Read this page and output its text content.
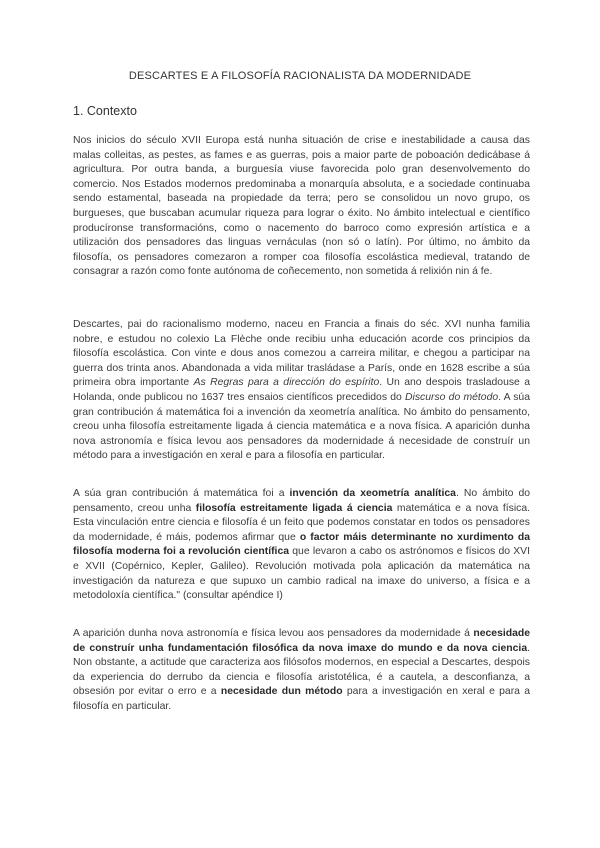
DESCARTES E A FILOSOFÍA RACIONALISTA DA MODERNIDADE
1. Contexto

Nos inicios do século XVII Europa está nunha situación de crise e inestabilidade a causa das malas colleitas, as pestes, as fames e as guerras, pois a maior parte de poboación dedicábase á agricultura. Por outra banda, a burguesía viuse favorecida polo gran desenvolvemento do comercio. Nos Estados modernos predominaba a monarquía absoluta, e a sociedade continuaba sendo estamental, baseada na propiedade da terra; pero se consolidou un novo grupo, os burgueses, que buscaban acumular riqueza para lograr o éxito. No ámbito intelectual e científico producíronse transformacións, como o nacemento do barroco como expresión artística e a utilización dos pensadores das linguas vernáculas (non só o latín). Por último, no ámbito da filosofía, os pensadores comezaron a romper coa filosofía escolástica medieval, tratando de consagrar a razón como fonte autónoma de coñecemento, non sometida á relixión nin á fe.

Descartes, pai do racionalismo moderno, naceu en Francia a finais do séc. XVI nunha familia nobre, e estudou no colexio La Flèche onde recibiu unha educación acorde cos principios da filosofía escolástica. Con vinte e dous anos comezou a carreira militar, e chegou a participar na guerra dos trinta anos. Abandonada a vida militar trasládase a París, onde en 1628 escribe a súa primeira obra importante As Regras para a dirección do espírito. Un ano despois trasladouse a Holanda, onde publicou no 1637 tres ensaios científicos precedidos do Discurso do método. A súa gran contribución á matemática foi a invención da xeometría analítica. No ámbito do pensamento, creou unha filosofía estreitamente ligada á ciencia matemática e a nova física. A aparición dunha nova astronomía e física levou aos pensadores da modernidade á necesidade de construír un método para a investigación en xeral e para a filosofía en particular.

A súa gran contribución á matemática foi a invención da xeometría analítica. No ámbito do pensamento, creou unha filosofía estreitamente ligada á ciencia matemática e a nova física. Esta vinculación entre ciencia e filosofía é un feito que podemos constatar en todos os pensadores da modernidade, é máis, podemos afirmar que o factor máis determinante no xurdimento da filosofía moderna foi a revolución científica que levaron a cabo os astrónomos e físicos do XVI e XVII (Copérnico, Kepler, Galileo). Revolución motivada pola aplicación da matemática na investigación da natureza e que supuxo un cambio radical na imaxe do universo, a física e a metodoloxía científica." (consultar apéndice I)

A aparición dunha nova astronomía e física levou aos pensadores da modernidade á necesidade de construír unha fundamentación filosófica da nova imaxe do mundo e da nova ciencia. Non obstante, a actitude que caracteriza aos filósofos modernos, en especial a Descartes, despois da experiencia do derrubo da ciencia e filosofía aristotélica, é a cautela, a desconfianza, a obsesión por evitar o erro e a necesidade dun método para a investigación en xeral e para a filosofía en particular.
